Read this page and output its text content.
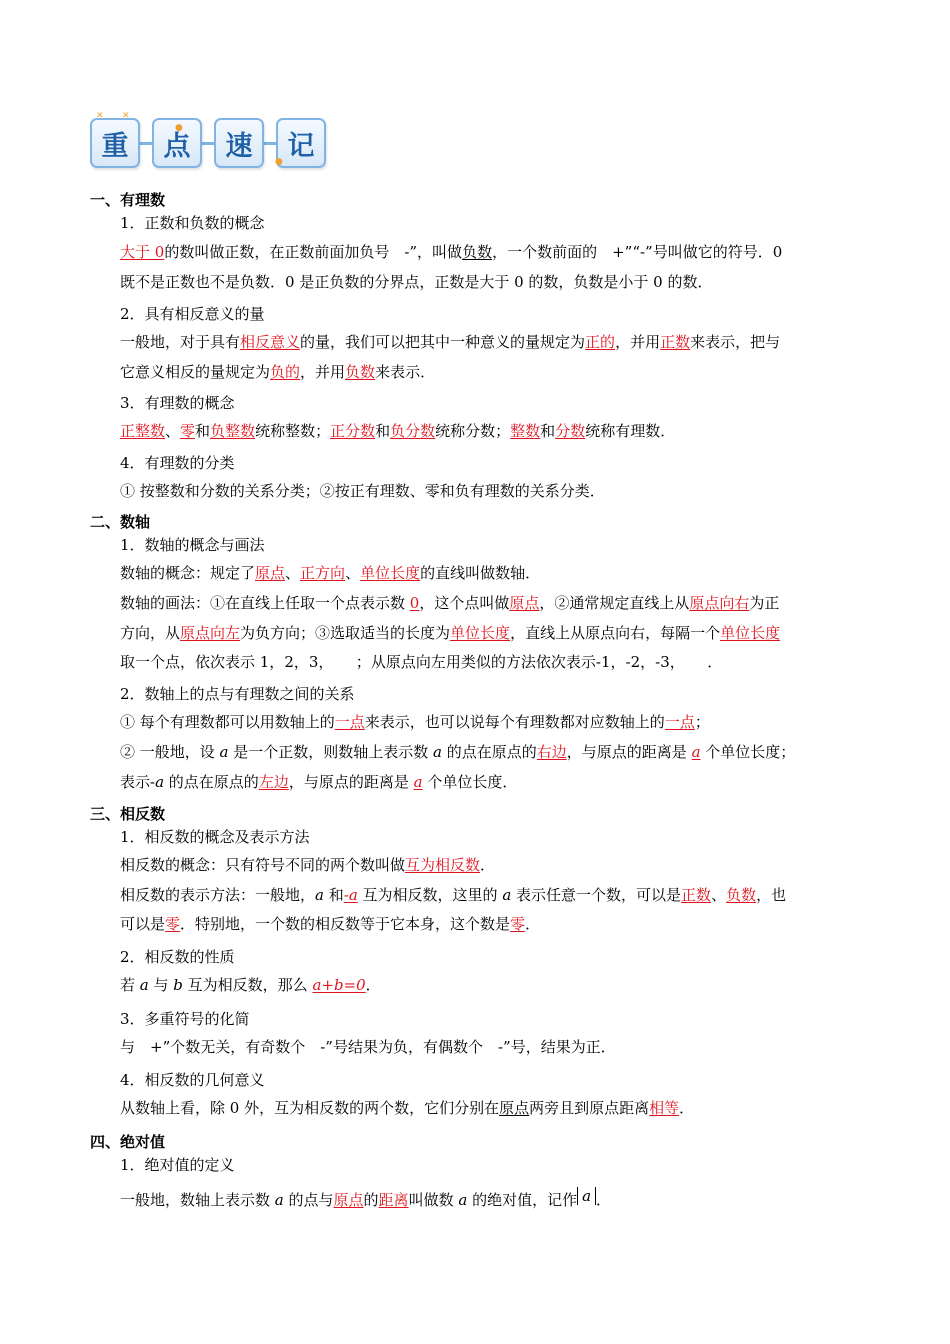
重 点 速 记
✕ ✕
●
●
一、有理数
1．正数和负数的概念
大于 0的数叫做正数，在正数前面加负号　-”，叫做负数，一个数前面的　+”“-”号叫做它的符号．0
既不是正数也不是负数．0 是正负数的分界点，正数是大于 0 的数，负数是小于 0 的数．
2．具有相反意义的量
一般地，对于具有相反意义的量，我们可以把其中一种意义的量规定为正的，并用正数来表示，把与
它意义相反的量规定为负的，并用负数来表示．
3．有理数的概念
正整数、零和负整数统称整数；正分数和负分数统称分数；整数和分数统称有理数．
4．有理数的分类
① 按整数和分数的关系分类；②按正有理数、零和负有理数的关系分类．
二、数轴
1．数轴的概念与画法
数轴的概念：规定了原点、正方向、单位长度的直线叫做数轴．
数轴的画法：①在直线上任取一个点表示数 0，这个点叫做原点，②通常规定直线上从原点向右为正
方向，从原点向左为负方向；③选取适当的长度为单位长度，直线上从原点向右，每隔一个单位长度
取一个点，依次表示 1，2，3，　　；从原点向左用类似的方法依次表示-1，-2，-3，　　．
2．数轴上的点与有理数之间的关系
① 每个有理数都可以用数轴上的一点来表示，也可以说每个有理数都对应数轴上的一点；
② 一般地，设 a 是一个正数，则数轴上表示数 a 的点在原点的右边，与原点的距离是 a 个单位长度；
表示-a 的点在原点的左边，与原点的距离是 a 个单位长度．
三、相反数
1．相反数的概念及表示方法
相反数的概念：只有符号不同的两个数叫做互为相反数．
相反数的表示方法：一般地，a 和-a 互为相反数，这里的 a 表示任意一个数，可以是正数、负数，也
可以是零．特别地，一个数的相反数等于它本身，这个数是零．
2．相反数的性质
若 a 与 b 互为相反数，那么 a+b=0．
3．多重符号的化简
与　+”个数无关，有奇数个　-”号结果为负，有偶数个　-”号，结果为正．
4．相反数的几何意义
从数轴上看，除 0 外，互为相反数的两个数，它们分别在原点两旁且到原点距离相等．
四、绝对值
1．绝对值的定义
一般地，数轴上表示数 a 的点与原点的距离叫做数 a 的绝对值，记作 a ．
